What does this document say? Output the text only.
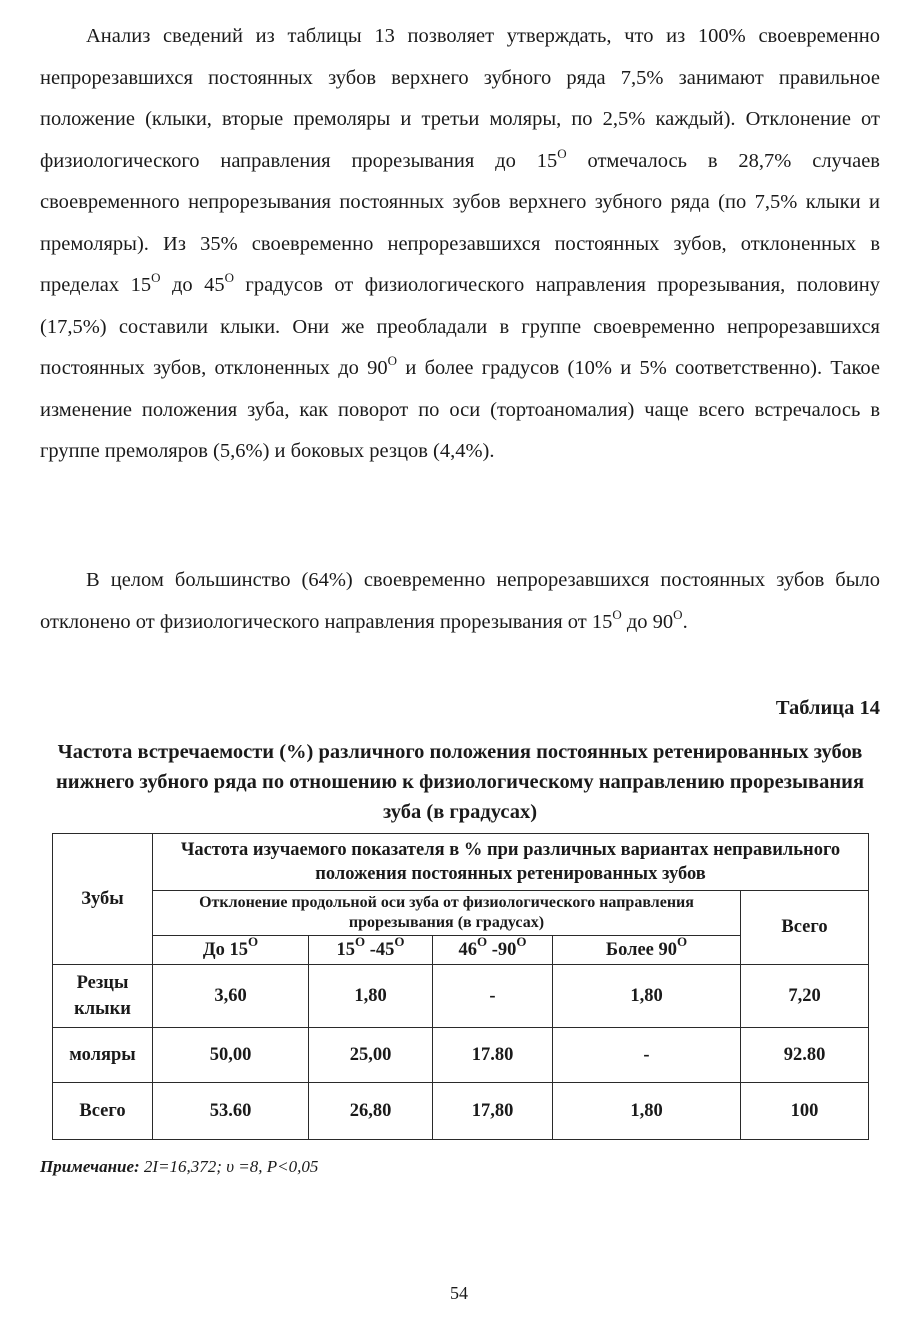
Анализ сведений из таблицы 13 позволяет утверждать, что из 100% своевременно непрорезавшихся постоянных зубов верхнего зубного ряда 7,5% занимают правильное положение (клыки, вторые премоляры и третьи моляры, по 2,5% каждый). Отклонение от физиологического направления прорезывания до $15^О$ отмечалось в 28,7% случаев своевременного непрорезывания постоянных зубов верхнего зубного ряда (по 7,5% клыки и премоляры). Из 35% своевременно непрорезавшихся постоянных зубов, отклоненных в пределах $15^О$ до $45^О$ градусов от физиологического направления прорезывания, половину (17,5%) составили клыки. Они же преобладали в группе своевременно непрорезавшихся постоянных зубов, отклоненных до $90^О$ и более градусов (10% и 5% соответственно). Такое изменение положения зуба, как поворот по оси (тортоаномалия) чаще всего встречалось в группе премоляров (5,6%) и боковых резцов (4,4%).

В целом большинство (64%) своевременно непрорезавшихся постоянных зубов было отклонено от физиологического направления прорезывания от $15^О$ до $90^О$.

Таблица 14

Частота встречаемости (%) различного положения постоянных ретенированных зубов нижнего зубного ряда по отношению к физиологическому направлению прорезывания зуба (в градусах)

Зубы	Частота изучаемого показателя в % при различных вариантах неправильного положения постоянных ретенированных зубов				
	Отклонение продольной оси зуба от физиологического направления прорезывания (в градусах)				Всего
	До $15^О$	$15^О$ $-45^О$	$46^О$ $-90^О$	Более $90^О$
Резцы клыки	3,60	1,80	-	1,80	7,20
моляры	50,00	25,00	17.80	-	92.80
Всего	53.60	26,80	17,80	1,80	100

Примечание: 2I=16,372; υ =8, P<0,05

54
